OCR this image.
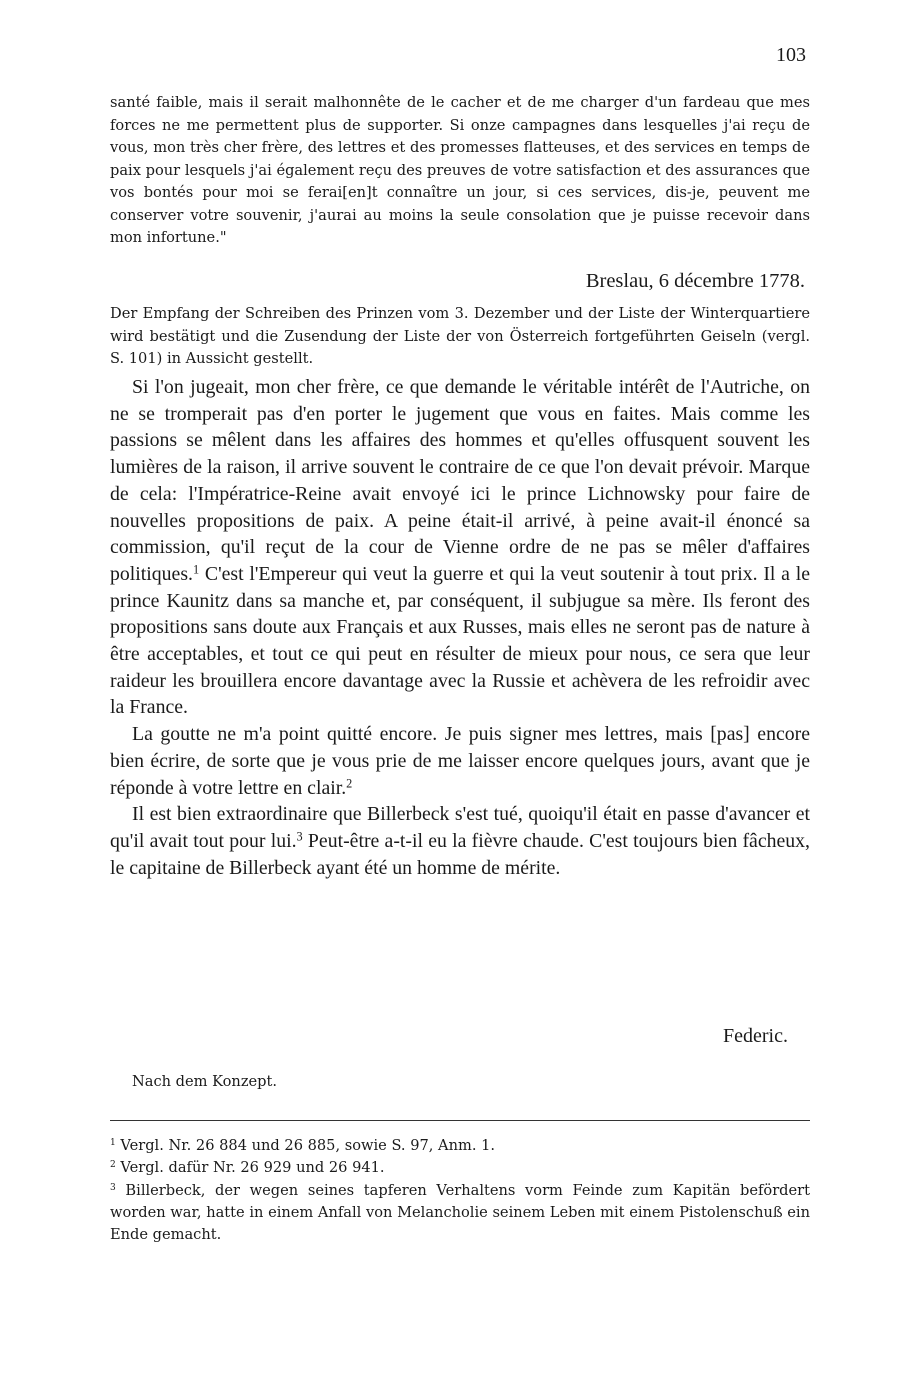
103
santé faible, mais il serait malhonnête de le cacher et de me charger d'un fardeau que mes forces ne me permettent plus de supporter. Si onze campagnes dans lesquelles j'ai reçu de vous, mon très cher frère, des lettres et des promesses flatteuses, et des services en temps de paix pour lesquels j'ai également reçu des preuves de votre satisfaction et des assurances que vos bontés pour moi se ferai[en]t connaître un jour, si ces services, dis-je, peuvent me conserver votre souvenir, j'aurai au moins la seule consolation que je puisse recevoir dans mon infortune."
Breslau, 6 décembre 1778.
Der Empfang der Schreiben des Prinzen vom 3. Dezember und der Liste der Winterquartiere wird bestätigt und die Zusendung der Liste der von Österreich fortgeführten Geiseln (vergl. S. 101) in Aussicht gestellt.

Si l'on jugeait, mon cher frère, ce que demande le véritable intérêt de l'Autriche, on ne se tromperait pas d'en porter le jugement que vous en faites. Mais comme les passions se mêlent dans les affaires des hommes et qu'elles offusquent souvent les lumières de la raison, il arrive souvent le contraire de ce que l'on devait prévoir. Marque de cela: l'Impératrice-Reine avait envoyé ici le prince Lichnowsky pour faire de nouvelles propositions de paix. A peine était-il arrivé, à peine avait-il énoncé sa commission, qu'il reçut de la cour de Vienne ordre de ne pas se mêler d'affaires politiques.$^1$ C'est l'Empereur qui veut la guerre et qui la veut soutenir à tout prix. Il a le prince Kaunitz dans sa manche et, par conséquent, il subjugue sa mère. Ils feront des propositions sans doute aux Français et aux Russes, mais elles ne seront pas de nature à être acceptables, et tout ce qui peut en résulter de mieux pour nous, ce sera que leur raideur les brouillera encore davantage avec la Russie et achèvera de les refroidir avec la France.

La goutte ne m'a point quitté encore. Je puis signer mes lettres, mais [pas] encore bien écrire, de sorte que je vous prie de me laisser encore quelques jours, avant que je réponde à votre lettre en clair.$^2$

Il est bien extraordinaire que Billerbeck s'est tué, quoiqu'il était en passe d'avancer et qu'il avait tout pour lui.$^3$ Peut-être a-t-il eu la fièvre chaude. C'est toujours bien fâcheux, le capitaine de Billerbeck ayant été un homme de mérite.

Federic.
Nach dem Konzept.
$^1$ Vergl. Nr. 26 884 und 26 885, sowie S. 97, Anm. 1.
$^2$ Vergl. dafür Nr. 26 929 und 26 941.
$^3$ Billerbeck, der wegen seines tapferen Verhaltens vorm Feinde zum Kapitän befördert worden war, hatte in einem Anfall von Melancholie seinem Leben mit einem Pistolenschuß ein Ende gemacht.
